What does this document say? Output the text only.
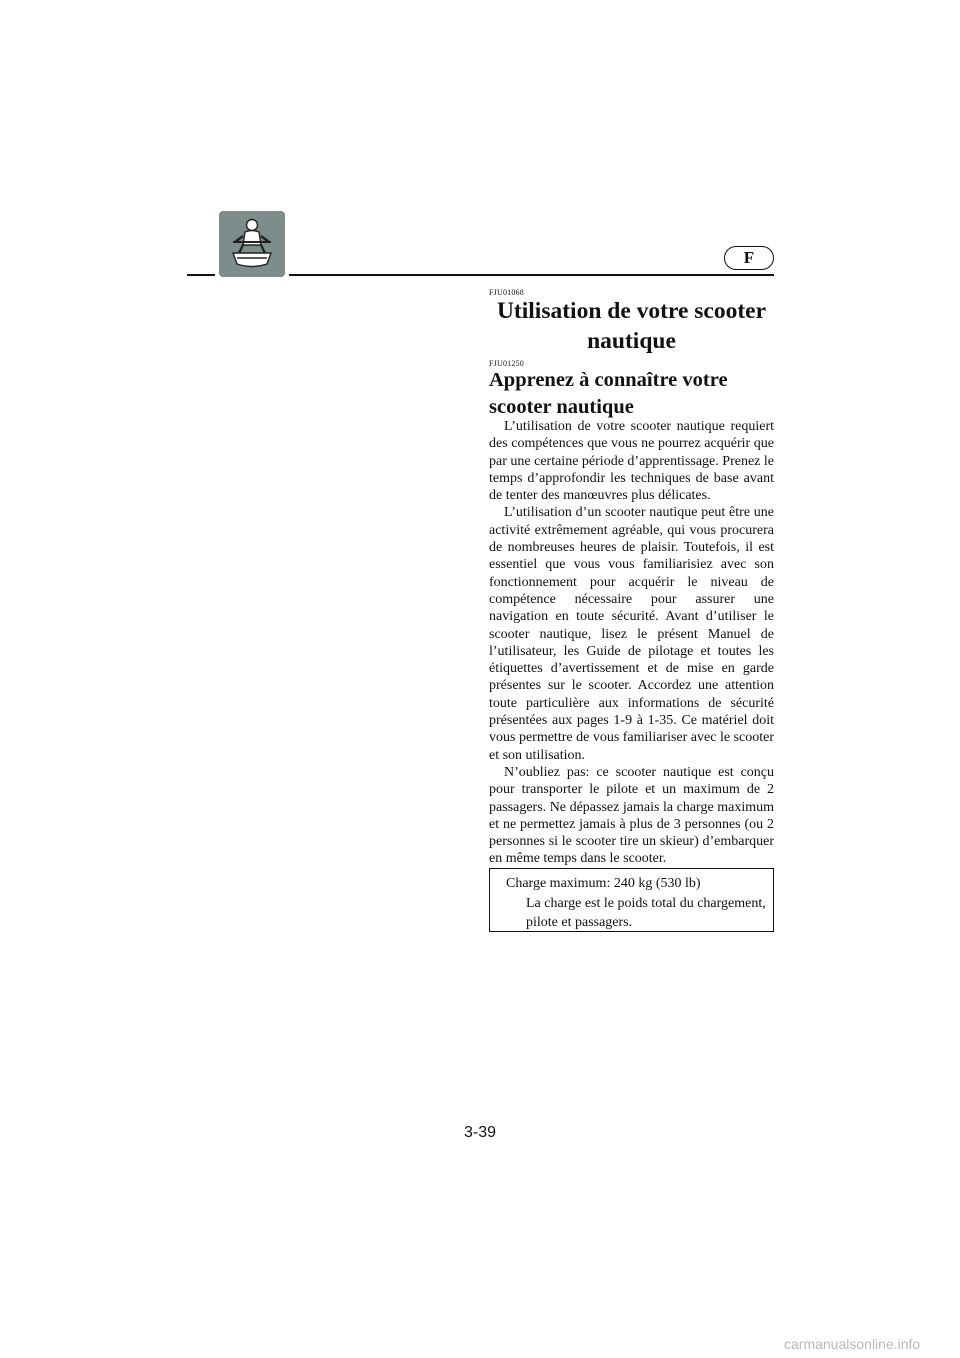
F
FJU01068
Utilisation de votre scooter nautique
FJU01250
Apprenez à connaître votre scooter nautique

L’utilisation de votre scooter nautique requiert des compétences que vous ne pourrez acquérir que par une certaine période d’apprentissage. Prenez le temps d’approfondir les techniques de base avant de tenter des manœuvres plus délicates.

L’utilisation d’un scooter nautique peut être une activité extrêmement agréable, qui vous procurera de nombreuses heures de plaisir. Toutefois, il est essentiel que vous vous familiarisiez avec son fonctionnement pour acquérir le niveau de compétence nécessaire pour assurer une navigation en toute sécurité. Avant d’utiliser le scooter nautique, lisez le présent Manuel de l’utilisateur, les Guide de pilotage et toutes les étiquettes d’avertissement et de mise en garde présentes sur le scooter. Accordez une attention toute particulière aux informations de sécurité présentées aux pages 1-9 à 1-35. Ce matériel doit vous permettre de vous familiariser avec le scooter et son utilisation.

N’oubliez pas: ce scooter nautique est conçu pour transporter le pilote et un maximum de 2 passagers. Ne dépassez jamais la charge maximum et ne permettez jamais à plus de 3 personnes (ou 2 personnes si le scooter tire un skieur) d’embarquer en même temps dans le scooter.

Charge maximum: 240 kg (530 lb)
La charge est le poids total du chargement, pilote et passagers.
3-39
carmanualsonline.info
